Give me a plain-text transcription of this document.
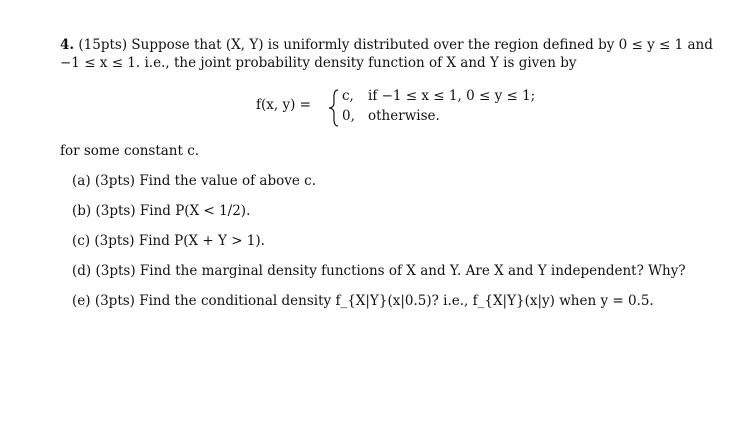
4. (15pts) Suppose that (X, Y) is uniformly distributed over the region defined by 0 ≤ y ≤ 1 and
−1 ≤ x ≤ 1. i.e., the joint probability density function of X and Y is given by
f(x, y) =
c, if −1 ≤ x ≤ 1, 0 ≤ y ≤ 1;
0, otherwise.
for some constant c.
(a) (3pts) Find the value of above c.
(b) (3pts) Find P(X < 1/2).
(c) (3pts) Find P(X + Y > 1).
(d) (3pts) Find the marginal density functions of X and Y. Are X and Y independent? Why?
(e) (3pts) Find the conditional density f_{X|Y}(x|0.5)? i.e., f_{X|Y}(x|y) when y = 0.5.
